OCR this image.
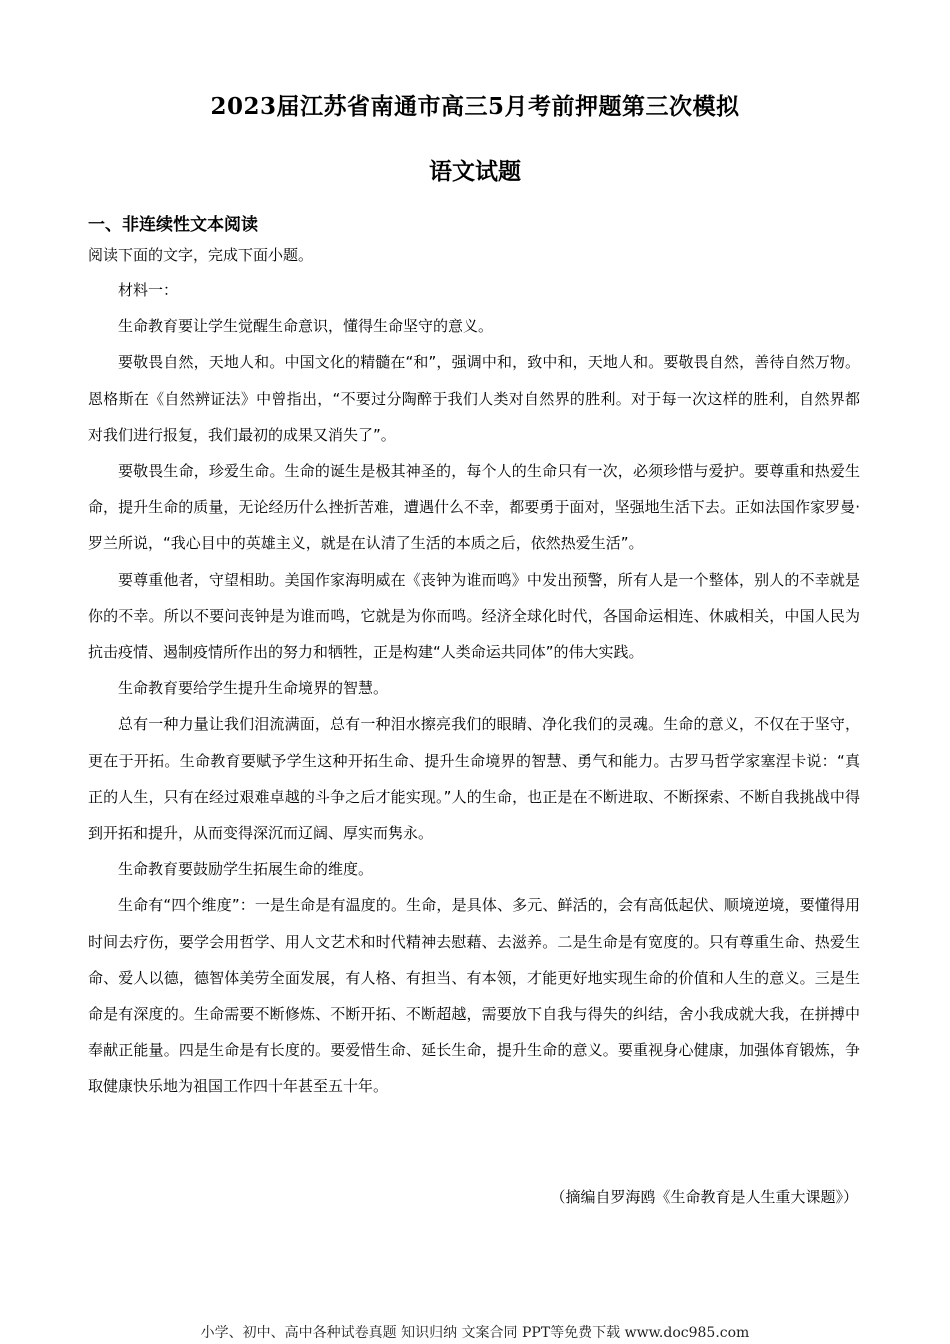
2023届江苏省南通市高三5月考前押题第三次模拟
语文试题
一、非连续性文本阅读
阅读下面的文字，完成下面小题。

材料一：

生命教育要让学生觉醒生命意识，懂得生命坚守的意义。

要敬畏自然，天地人和。中国文化的精髓在“和”，强调中和，致中和，天地人和。要敬畏自然，善待自然万物。恩格斯在《自然辨证法》中曾指出，“不要过分陶醉于我们人类对自然界的胜利。对于每一次这样的胜利，自然界都对我们进行报复，我们最初的成果又消失了”。

要敬畏生命，珍爱生命。生命的诞生是极其神圣的，每个人的生命只有一次，必须珍惜与爱护。要尊重和热爱生命，提升生命的质量，无论经历什么挫折苦难，遭遇什么不幸，都要勇于面对，坚强地生活下去。正如法国作家罗曼·罗兰所说，“我心目中的英雄主义，就是在认清了生活的本质之后，依然热爱生活”。

要尊重他者，守望相助。美国作家海明威在《丧钟为谁而鸣》中发出预警，所有人是一个整体，别人的不幸就是你的不幸。所以不要问丧钟是为谁而鸣，它就是为你而鸣。经济全球化时代，各国命运相连、休戚相关，中国人民为抗击疫情、遏制疫情所作出的努力和牺牲，正是构建“人类命运共同体”的伟大实践。

生命教育要给学生提升生命境界的智慧。

总有一种力量让我们泪流满面，总有一种泪水擦亮我们的眼睛、净化我们的灵魂。生命的意义，不仅在于坚守，更在于开拓。生命教育要赋予学生这种开拓生命、提升生命境界的智慧、勇气和能力。古罗马哲学家塞涅卡说：“真正的人生，只有在经过艰难卓越的斗争之后才能实现。”人的生命，也正是在不断进取、不断探索、不断自我挑战中得到开拓和提升，从而变得深沉而辽阔、厚实而隽永。

生命教育要鼓励学生拓展生命的维度。

生命有“四个维度”：一是生命是有温度的。生命，是具体、多元、鲜活的，会有高低起伏、顺境逆境，要懂得用时间去疗伤，要学会用哲学、用人文艺术和时代精神去慰藉、去滋养。二是生命是有宽度的。只有尊重生命、热爱生命、爱人以德，德智体美劳全面发展，有人格、有担当、有本领，才能更好地实现生命的价值和人生的意义。三是生命是有深度的。生命需要不断修炼、不断开拓、不断超越，需要放下自我与得失的纠结，舍小我成就大我，在拼搏中奉献正能量。四是生命是有长度的。要爱惜生命、延长生命，提升生命的意义。要重视身心健康，加强体育锻炼，争取健康快乐地为祖国工作四十年甚至五十年。

（摘编自罗海鸥《生命教育是人生重大课题》）
小学、初中、高中各种试卷真题 知识归纳 文案合同 PPT等免费下载 www.doc985.com
